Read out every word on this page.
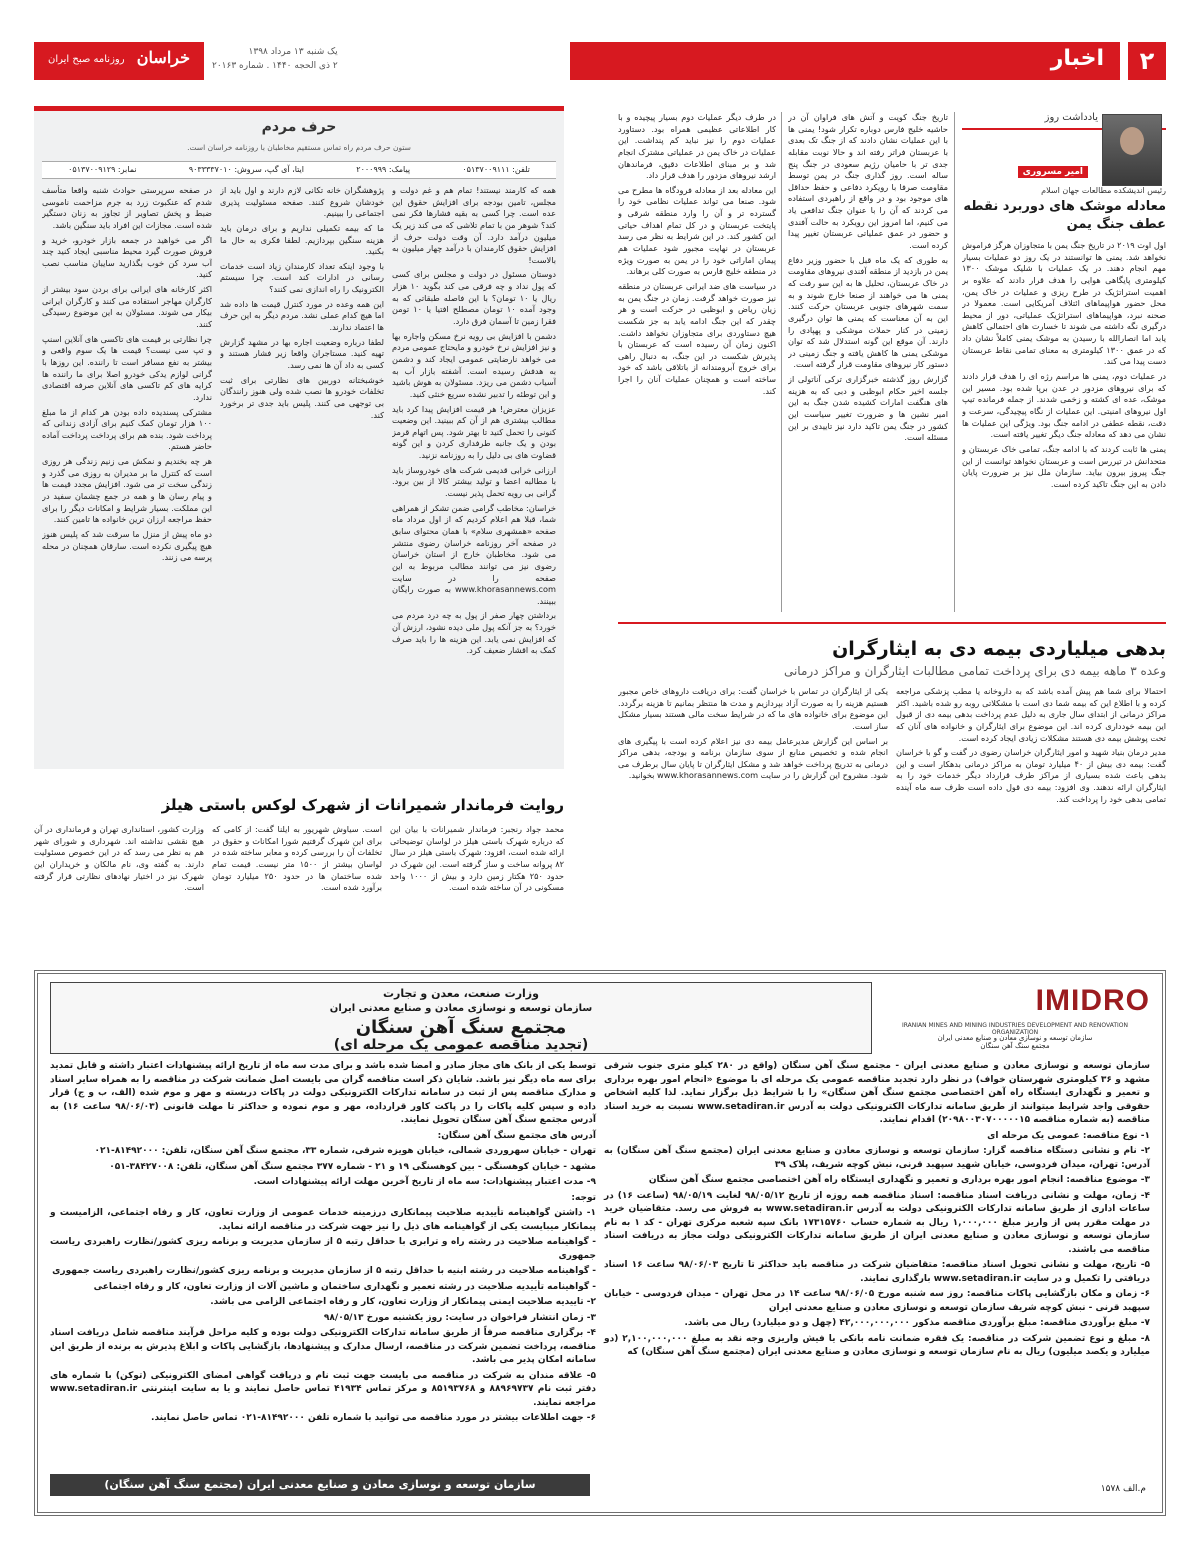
۲
اخبار
خراسان
روزنامه صبح ایران
یک شنبه ۱۳ مرداد ۱۳۹۸
۲ ذی الحجه ۱۴۴۰ . شماره ۲۰۱۶۳
یادداشت روز
امیر مسروری
رئیس اندیشکده مطالعات جهان اسلام
معادله موشک های دوربرد نقطه عطف جنگ یمن

اول اوت ۲۰۱۹ در تاریخ جنگ یمن با متجاوزان هرگز فراموش نخواهد شد. یمنی ها توانستند در یک روز دو عملیات بسیار مهم انجام دهند. در یک عملیات با شلیک موشک ۱۳۰۰ کیلومتری پایگاهی هوایی را هدف قرار دادند که علاوه بر اهمیت استراتژیک در طرح ریزی و عملیات در خاک یمن، محل حضور هواپیماهای ائتلاف آمریکایی است. معمولا در صحنه نبرد، هواپیماهای استراتژیک عملیاتی، دور از محیط درگیری نگه داشته می شوند تا خسارت های احتمالی کاهش یابد اما انصارالله با رسیدن به موشک یمنی کاملاً نشان داد که در عمق ۱۳۰۰ کیلومتری به معنای تمامی نقاط عربستان دست پیدا می کند.

در عملیات دوم، یمنی ها مراسم رژه ای را هدف قرار دادند که برای نیروهای مزدور در عدن برپا شده بود. مسیر این موشک، عده ای کشته و زخمی شدند. از جمله فرمانده تیپ اول نیروهای امنیتی. این عملیات از نگاه پیچیدگی، سرعت و دقت، نقطه عطفی در ادامه جنگ بود. ویژگی این عملیات ها نشان می دهد که معادله جنگ دیگر تغییر یافته است.

یمنی ها ثابت کردند که با ادامه جنگ، تمامی خاک عربستان و متحدانش در تیررس است و عربستان نخواهد توانست از این جنگ پیروز بیرون بیاید. سازمان ملل نیز بر ضرورت پایان دادن به این جنگ تاکید کرده است.

تاریخ جنگ کویت و آتش های فراوان آن در حاشیه خلیج فارس دوباره تکرار شود! یمنی ها با این عملیات نشان دادند که از جنگ تک بعدی با عربستان فراتر رفته اند و حالا نوبت مقابله جدی تر با حامیان رژیم سعودی در جنگ پنج ساله است. روز گذاری جنگ در یمن توسط مقاومت صرفا با رویکرد دفاعی و حفظ حداقل های موجود بود و در واقع از راهبردی استفاده می کردند که آن را با عنوان جنگ تدافعی یاد می کنیم، اما امروز این رویکرد به حالت آفندی و حضور در عمق عملیاتی عربستان تغییر پیدا کرده است.

به طوری که یک ماه قبل با حضور وزیر دفاع یمن در بازدید از منطقه آفندی نیروهای مقاومت در خاک عربستان، تحلیل ها به این سو رفت که یمنی ها می خواهند از صنعا خارج شوند و به سمت شهرهای جنوبی عربستان حرکت کنند. این به آن معناست که یمنی ها توان درگیری زمینی در کنار حملات موشکی و پهپادی را دارند. آن موقع این گونه استدلال شد که توان موشکی یمنی ها کاهش یافته و جنگ زمینی در دستور کار نیروهای مقاومت قرار گرفته است.

گزارش روز گذشته خبرگزاری ترکی آناتولی از جلسه اخیر حکام ابوظبی و دبی که به هزینه های هنگفت امارات کشیده شدن جنگ به این امیر نشین ها و ضرورت تغییر سیاست این کشور در جنگ یمن تاکید دارد نیز تاییدی بر این مسئله است.

در طرف دیگر عملیات دوم بسیار پیچیده و با کار اطلاعاتی عظیمی همراه بود. دستاورد عملیات دوم را نیز نباید کم پنداشت. این عملیات در خاک یمن در عملیاتی مشترک انجام شد و بر مبنای اطلاعات دقیق، فرماندهان ارشد نیروهای مزدور را هدف قرار داد.

این معادله بعد از معادله فرودگاه ها مطرح می شود. صنعا می تواند عملیات نظامی خود را گسترده تر و آن را وارد منطقه شرقی و پایتخت عربستان و در کل تمام اهداف حیاتی این کشور کند. در این شرایط به نظر می رسد عربستان در نهایت مجبور شود عملیات هم پیمان اماراتی خود را در یمن به صورت ویژه در منطقه خلیج فارس به صورت کلی برهاند.

در سیاست های ضد ایرانی عربستان در منطقه نیز صورت خواهد گرفت. زمان در جنگ یمن به زیان ریاض و ابوظبی در حرکت است و هر چقدر که این جنگ ادامه یابد به جز شکست هیچ دستاوردی برای متجاوزان نخواهد داشت. اکنون زمان آن رسیده است که عربستان با پذیرش شکست در این جنگ، به دنبال راهی برای خروج آبرومندانه از باتلاقی باشد که خود ساخته است و همچنان عملیات آنان را اجرا کند.

بدهی میلیاردی بیمه دی به ایثارگران
وعده ۳ ماهه بیمه دی برای پرداخت تمامی مطالبات ایثارگران و مراکز درمانی

احتمالا برای شما هم پیش آمده باشد که به داروخانه یا مطب پزشکی مراجعه کرده و با اطلاع این که بیمه شما دی است با مشکلاتی روبه رو شده باشید. اکثر مراکز درمانی از ابتدای سال جاری به دلیل عدم پرداخت بدهی بیمه دی از قبول این بیمه خودداری کرده اند. این موضوع برای ایثارگران و خانواده های آنان که تحت پوشش بیمه دی هستند مشکلات زیادی ایجاد کرده است.

مدیر درمان بنیاد شهید و امور ایثارگران خراسان رضوی در گفت و گو با خراسان گفت: بیمه دی بیش از ۴۰ میلیارد تومان به مراکز درمانی بدهکار است و این بدهی باعث شده بسیاری از مراکز طرف قرارداد دیگر خدمات خود را به ایثارگران ارائه ندهند. وی افزود: بیمه دی قول داده است ظرف سه ماه آینده تمامی بدهی خود را پرداخت کند.

یکی از ایثارگران در تماس با خراسان گفت: برای دریافت داروهای خاص مجبور هستیم هزینه را به صورت آزاد بپردازیم و مدت ها منتظر بمانیم تا هزینه برگردد. این موضوع برای خانواده های ما که در شرایط سخت مالی هستند بسیار مشکل ساز است.

بر اساس این گزارش مدیرعامل بیمه دی نیز اعلام کرده است با پیگیری های انجام شده و تخصیص منابع از سوی سازمان برنامه و بودجه، بدهی مراکز درمانی به تدریج پرداخت خواهد شد و مشکل ایثارگران تا پایان سال برطرف می شود. مشروح این گزارش را در سایت www.khorasannews.com بخوانید.

حرف مردم
ستون حرف مردم راه تماس مستقیم مخاطبان با روزنامه خراسان است.
تلفن: ۰۵۱۳۷۰۰۹۱۱۱
پیامک: ۲۰۰۰۹۹۹
ایتا، آی گپ، سروش: ۹۰۳۳۳۳۷۰۱۰
نمابر: ۰۵۱۳۷۰۰۹۱۲۹

همه که کارمند نیستند! تمام هم و غم دولت و مجلس، تامین بودجه برای افزایش حقوق این عده است. چرا کسی به بقیه فشارها فکر نمی کند؟ شوهر من با تمام تلاشی که می کند زیر یک میلیون درآمد دارد. آن وقت دولت حرف از افزایش حقوق کارمندان با درآمد چهار میلیون به بالاست!

دوستان مسئول در دولت و مجلس برای کسی که پول نداد و چه فرقی می کند بگوید ۱۰ هزار ریال یا ۱۰ تومان؟ با این فاصله طبقاتی که به وجود آمده ۱۰ تومان مصطلح افتیا یا ۱۰ تومن فقرا زمین تا آسمان فرق دارد.

دشمن با افزایش بی رویه نرخ مسکن واجاره بها و نیز افزایش نرخ خودرو و مایحتاج عمومی مردم می خواهد نارضایتی عمومی ایجاد کند و دشمن به هدفش رسیده است. آشفته بازار آب به آسیاب دشمن می ریزد. مسئولان به هوش باشید و این توطئه را تدبیر نشده سریع خنثی کنید.

عزیزان معترض! هر قیمت افزایش پیدا کرد باید مطالب بیشتری هم از آن کم ببینید. این وضعیت کنونی را تحمل کنید تا بهتر شود. پس اتهام قرمز بودن و یک جانبه طرفداری کردن و این گونه قضاوت های بی دلیل را به روزنامه نزنید.

ارزانی خرابی قدیمی شرکت های خودروساز باید با مطالبه اعضا و تولید بیشتر کالا از بین برود. گرانی بی رویه تحمل پذیر نیست.

خراسان: مخاطب گرامی ضمن تشکر از همراهی شما، قبلا هم اعلام کردیم که از اول مرداد ماه صفحه «همشهری سلام» با همان محتوای سابق در صفحه آخر روزنامه خراسان رضوی منتشر می شود. مخاطبان خارج از استان خراسان رضوی نیز می توانند مطالب مربوط به این صفحه را در سایت www.khorasannews.com به صورت رایگان ببینند.

برداشتن چهار صفر از پول به چه درد مردم می خورد؟ به جز آنکه پول ملی دیده نشود، ارزش آن که افزایش نمی یابد. این هزینه ها را باید صرف کمک به اقشار ضعیف کرد.

پژوهشگران خانه تکانی لازم دارند و اول باید از خودشان شروع کنند. صفحه مسئولیت پذیری اجتماعی را ببینیم.

ما که بیمه تکمیلی نداریم و برای درمان باید هزینه سنگین بپردازیم. لطفا فکری به حال ما بکنید.

با وجود اینکه تعداد کارمندان زیاد است خدمات رسانی در ادارات کند است. چرا سیستم الکترونیک را راه اندازی نمی کنند؟

این همه وعده در مورد کنترل قیمت ها داده شد اما هیچ کدام عملی نشد. مردم دیگر به این حرف ها اعتماد ندارند.

لطفا درباره وضعیت اجاره بها در مشهد گزارش تهیه کنید. مستاجران واقعا زیر فشار هستند و کسی به داد آن ها نمی رسد.

خوشبختانه دوربین های نظارتی برای ثبت تخلفات خودرو ها نصب شده ولی هنوز رانندگان بی توجهی می کنند. پلیس باید جدی تر برخورد کند.

در صفحه سرپرستی حوادث شنبه واقعا متأسف شدم که عنکبوت زرد به جرم مزاحمت ناموسی ضبط و پخش تصاویر از تجاوز به زنان دستگیر شده است. مجازات این افراد باید سنگین باشد.

اگر می خواهید در جمعه بازار خودرو، خرید و فروش صورت گیرد محیط مناسبی ایجاد کنید چند آب سرد کن خوب بگذارید سایبان مناسب نصب کنید.

اکثر کارخانه های ایرانی برای بردن سود بیشتر از کارگران مهاجر استفاده می کنند و کارگران ایرانی بیکار می شوند. مسئولان به این موضوع رسیدگی کنند.

چرا نظارتی بر قیمت های تاکسی های آنلاین اسنپ و تپ سی نیست؟ قیمت ها یک سوم واقعی و بیشتر به نفع مسافر است تا راننده. این روزها با گرانی لوازم یدکی خودرو اصلا برای ما راننده ها کرایه های کم تاکسی های آنلاین صرفه اقتصادی ندارد.

مشترکی پسندیده داده بودن هر کدام از ما مبلغ ۱۰۰ هزار تومان کمک کنیم برای آزادی زندانی که پرداخت شود. بنده هم برای پرداخت پرداخت آماده حاضر هستم.

هر چه بخندیم و نمکش می زنیم زندگی هر روزی است که کنترل ما بر مدیران به روزی می گذرد و زندگی سخت تر می شود. افزایش مجدد قیمت ها و پیام رسان ها و همه در جمع چشمان سفید در این مملکت. بسیار شرایط و امکانات دیگر را برای حفظ مراجعه ارزان ترین خانواده ها تامین کنند.

دو ماه پیش از منزل ما سرقت شد که پلیس هنوز هیچ پیگیری نکرده است. سارقان همچنان در محله پرسه می زنند.

روایت فرماندار شمیرانات از شهرک لوکس باستی هیلز

محمد جواد رنجبر: فرماندار شمیرانات با بیان این که درباره شهرک باستی هیلز در لواسان توضیحاتی ارائه شده است، افزود: شهرک باستی هیلز در سال ۸۲ پروانه ساخت و ساز گرفته است. این شهرک در حدود ۲۵۰ هکتار زمین دارد و بیش از ۱۰۰۰ واحد مسکونی در آن ساخته شده است.

است. سیاوش شهریور به ایلنا گفت: از کامی که برای این شهرک گرفتیم شورا امکانات و حقوق در تخلفات آن را بررسی کرده و معابر ساخته شده در لواسان بیشتر از ۱۵۰۰ متر نیست. قیمت تمام شده ساختمان ها در حدود ۲۵۰ میلیارد تومان برآورد شده است.

وزارت کشور، استانداری تهران و فرمانداری در آن هیچ نقشی نداشته اند. شهرداری و شورای شهر هم به نظر می رسد که در این خصوص مسئولیت دارند. به گفته وی، نام مالکان و خریداران این شهرک نیز در اختیار نهادهای نظارتی قرار گرفته است.

وزارت صنعت، معدن و تجارت
سازمان توسعه و نوسازی معادن و صنایع معدنی ایران
مجتمع سنگ آهن سنگان
(تجدید مناقصه عمومی یک مرحله ای)
IMIDRO
IRANIAN MINES AND MINING INDUSTRIES DEVELOPMENT AND RENOVATION ORGANIZATION
سازمان توسعه و نوسازی معادن و صنایع معدنی ایران
مجتمع سنگ آهن سنگان

سازمان توسعه و نوسازی معادن و صنایع معدنی ایران - مجتمع سنگ آهن سنگان (واقع در ۲۸۰ کیلو متری جنوب شرقی مشهد و ۳۶ کیلومتری شهرستان خواف) در نظر دارد تجدید مناقصه عمومی یک مرحله ای با موضوع «انجام امور بهره برداری و تعمیر و نگهداری ایستگاه راه آهن اختصاصی مجتمع سنگ آهن سنگان» را با شرایط ذیل برگزار نماید. لذا کلیه اشخاص حقوقی واجد شرایط میتوانند از طریق سامانه تدارکات الکترونیکی دولت به آدرس www.setadiran.ir نسبت به خرید اسناد مناقصه (به شماره مناقصه ۲۰۹۸۰۰۳۰۷۰۰۰۰۰۱۵) اقدام نمایند.

۱- نوع مناقصه: عمومی یک مرحله ای

۲- نام و نشانی دستگاه مناقصه گزار: سازمان توسعه و نوسازی معادن و صنایع معدنی ایران (مجتمع سنگ آهن سنگان) به آدرس: تهران، میدان فردوسی، خیابان شهید سپهبد قرنی، نبش کوچه شریف، پلاک ۳۹

۳- موضوع مناقصه: انجام امور بهره برداری و تعمیر و نگهداری ایستگاه راه آهن اختصاصی مجتمع سنگ آهن سنگان

۴- زمان، مهلت و نشانی دریافت اسناد مناقصه: اسناد مناقصه همه روزه از تاریخ ۹۸/۰۵/۱۲ لغایت ۹۸/۰۵/۱۹ (ساعت ۱۶) در ساعات اداری از طریق سامانه تدارکات الکترونیکی دولت به آدرس www.setadiran.ir به فروش می رسد. متقاضیان خرید در مهلت مقرر پس از واریز مبلغ ۱,۰۰۰,۰۰۰ ریال به شماره حساب ۱۷۳۱۵۷۶۰ بانک سپه شعبه مرکزی تهران - کد ۱ به نام سازمان توسعه و نوسازی معادن و صنایع معدنی ایران از طریق سامانه تدارکات الکترونیکی دولت مجاز به دریافت اسناد مناقصه می باشند.

۵- تاریخ، مهلت و نشانی تحویل اسناد مناقصه: متقاضیان شرکت در مناقصه باید حداکثر تا تاریخ ۹۸/۰۶/۰۳ ساعت ۱۶ اسناد دریافتی را تکمیل و در سایت www.setadiran.ir بارگذاری نمایند.

۶- زمان و مکان بازگشایی پاکات مناقصه: روز سه شنبه مورخ ۹۸/۰۶/۰۵ ساعت ۱۴ در محل تهران - میدان فردوسی - خیابان سپهبد قرنی - نبش کوچه شریف سازمان توسعه و نوسازی معادن و صنایع معدنی ایران

۷- مبلغ برآوردی مناقصه: مبلغ برآوردی مناقصه مذکور ۴۲,۰۰۰,۰۰۰,۰۰۰ (چهل و دو میلیارد) ریال می باشد.

۸- مبلغ و نوع تضمین شرکت در مناقصه: یک فقره ضمانت نامه بانکی یا فیش واریزی وجه نقد به مبلغ ۲,۱۰۰,۰۰۰,۰۰۰ (دو میلیارد و یکصد میلیون) ریال به نام سازمان توسعه و نوسازی معادن و صنایع معدنی ایران (مجتمع سنگ آهن سنگان) که

توسط یکی از بانک های مجاز صادر و امضا شده باشد و برای مدت سه ماه از تاریخ ارائه پیشنهادات اعتبار داشته و قابل تمدید برای سه ماه دیگر نیز باشد. شایان ذکر است مناقصه گران می بایست اصل ضمانت شرکت در مناقصه را به همراه سایر اسناد و مدارک مناقصه پس از ثبت در سامانه تدارکات الکترونیکی دولت در پاکات دربسته و مهر و موم شده (الف، ب و ج) قرار داده و سپس کلیه پاکات را در پاکت کاور قرارداده، مهر و موم نموده و حداکثر تا مهلت قانونی (۹۸/۰۶/۰۳ ساعت ۱۶) به آدرس مجتمع سنگ آهن سنگان تحویل نمایند.

آدرس های مجتمع سنگ آهن سنگان:

تهران - خیابان سهروردی شمالی، خیابان هویزه شرقی، شماره ۳۳، مجتمع سنگ آهن سنگان، تلفن: ۸۱۴۹۲۰۰۰-۰۲۱

مشهد - خیابان کوهسنگی - بین کوهسنگی ۱۹ و ۲۱ - شماره ۳۷۷ مجتمع سنگ آهن سنگان، تلفن: ۳۸۴۲۷۰۰۸-۰۵۱

۹- مدت اعتبار پیشنهادات: سه ماه از تاریخ آخرین مهلت ارائه پیشنهادات است.

توجه:

۱- داشتن گواهینامه تأییدیه صلاحیت پیمانکاری درزمینه خدمات عمومی از وزارت تعاون، کار و رفاه اجتماعی، الزامیست و پیمانکار میبایست یکی از گواهینامه های ذیل را نیز جهت شرکت در مناقصه ارائه نماید.

- گواهینامه صلاحیت در رشته راه و ترابری با حداقل رتبه ۵ از سازمان مدیریت و برنامه ریزی کشور/نظارت راهبردی ریاست جمهوری

- گواهینامه صلاحیت در رشته ابنیه با حداقل رتبه ۵ از سازمان مدیریت و برنامه ریزی کشور/نظارت راهبردی ریاست جمهوری

- گواهینامه تأییدیه صلاحیت در رشته تعمیر و نگهداری ساختمان و ماشین آلات از وزارت تعاون، کار و رفاه اجتماعی

۲- تاییدیه صلاحیت ایمنی پیمانکار از وزارت تعاون، کار و رفاه اجتماعی الزامی می باشد.

۳- زمان انتشار فراخوان در سایت: روز یکشنبه مورخ ۹۸/۰۵/۱۳

۴- برگزاری مناقصه صرفاً از طریق سامانه تدارکات الکترونیکی دولت بوده و کلیه مراحل فرآیند مناقصه شامل دریافت اسناد مناقصه، پرداخت تضمین شرکت در مناقصه، ارسال مدارک و پیشنهادها، بازگشایی پاکات و ابلاغ پذیرش به برنده از طریق این سامانه امکان پذیر می باشد.

۵- علاقه مندان به شرکت در مناقصه می بایست جهت ثبت نام و دریافت گواهی امضای الکترونیکی (توکن) با شماره های دفتر ثبت نام ۸۸۹۶۹۷۳۷ و ۸۵۱۹۳۷۶۸ و مرکز تماس ۴۱۹۳۴ تماس حاصل نمایند و یا به سایت اینترنتی www.setadiran.ir مراجعه نمایند.

۶- جهت اطلاعات بیشتر در مورد مناقصه می توانید با شماره تلفن ۸۱۴۹۲۰۰۰-۰۲۱ تماس حاصل نمایند.

سازمان توسعه و نوسازی معادن و صنایع معدنی ایران (مجتمع سنگ آهن سنگان)	م.الف ۱۵۷۸
